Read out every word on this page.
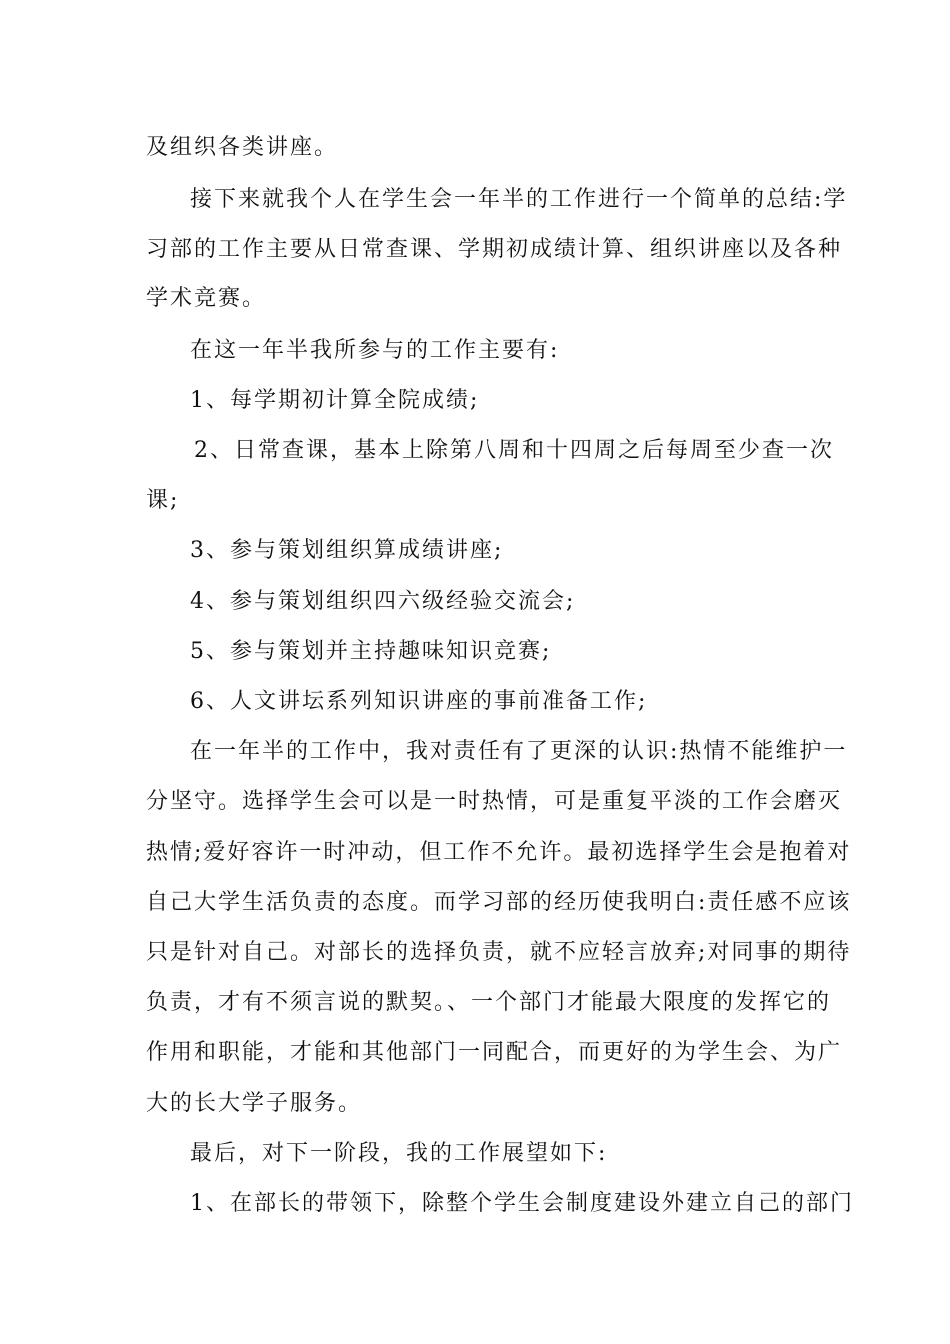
及组织各类讲座。

接下来就我个人在学生会一年半的工作进行一个简单的总结:学

习部的工作主要从日常查课、学期初成绩计算、组织讲座以及各种

学术竞赛。

在这一年半我所参与的工作主要有:

1、每学期初计算全院成绩;

2、日常查课，基本上除第八周和十四周之后每周至少查一次

课;

3、参与策划组织算成绩讲座;

4、参与策划组织四六级经验交流会;

5、参与策划并主持趣味知识竞赛;

6、人文讲坛系列知识讲座的事前准备工作;

在一年半的工作中，我对责任有了更深的认识:热情不能维护一

分坚守。选择学生会可以是一时热情，可是重复平淡的工作会磨灭

热情;爱好容许一时冲动，但工作不允许。最初选择学生会是抱着对

自己大学生活负责的态度。而学习部的经历使我明白:责任感不应该

只是针对自己。对部长的选择负责，就不应轻言放弃;对同事的期待

负责，才有不须言说的默契。、一个部门才能最大限度的发挥它的

作用和职能，才能和其他部门一同配合，而更好的为学生会、为广

大的长大学子服务。

最后，对下一阶段，我的工作展望如下:

1、在部长的带领下，除整个学生会制度建设外建立自己的部门
